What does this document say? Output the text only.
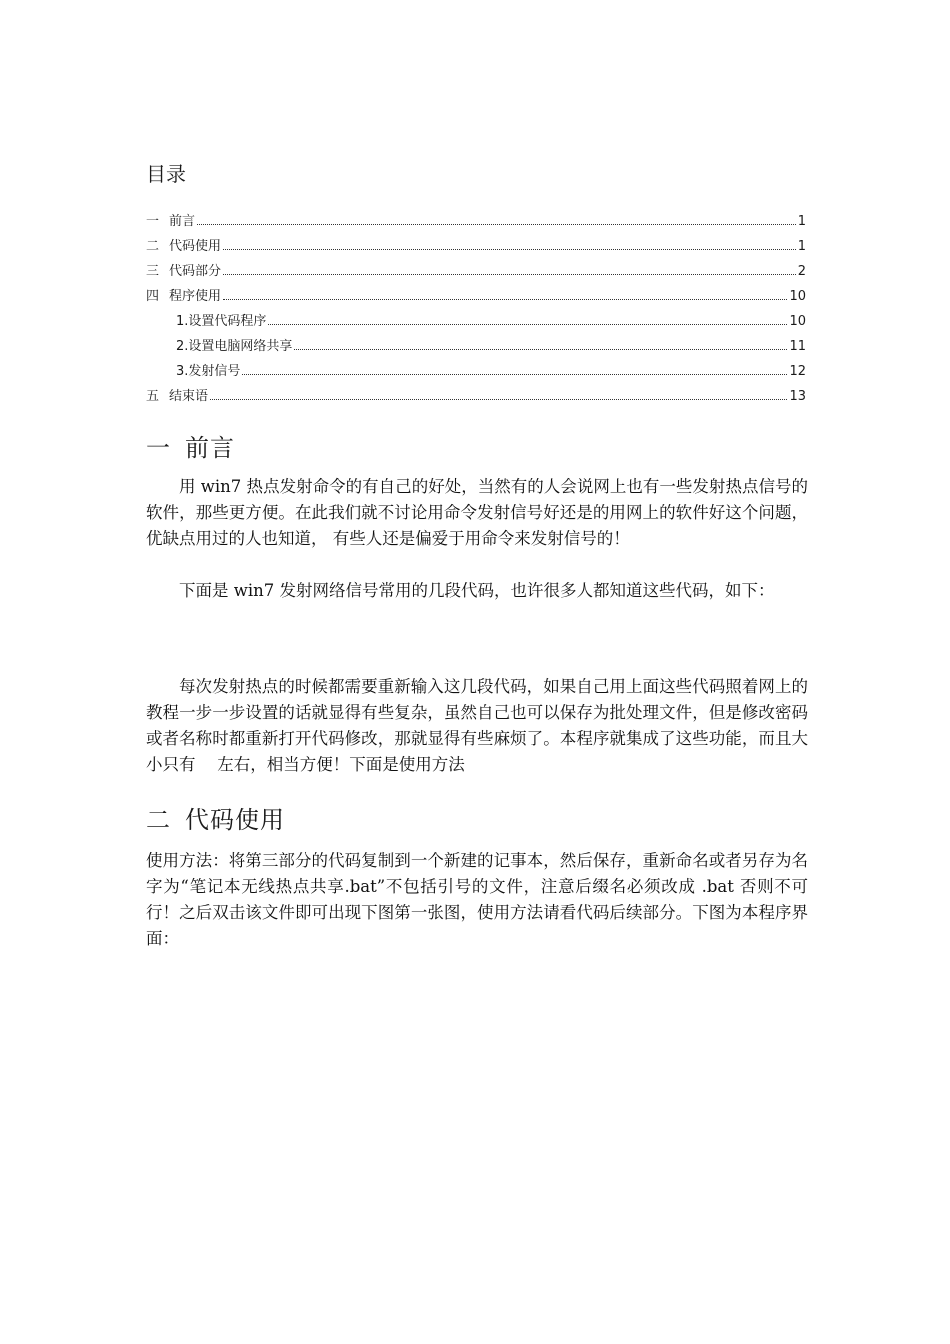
目录
一 前言	1
二 代码使用	1
三 代码部分	2
四 程序使用	10
1.设置代码程序	10
2.设置电脑网络共享	11
3.发射信号	12
五 结束语	13
一 前言
用 win7 热点发射命令的有自己的好处，当然有的人会说网上也有一些发射热点信号的软件，那些更方便。在此我们就不讨论用命令发射信号好还是的用网上的软件好这个问题，优缺点用过的人也知道， 有些人还是偏爱于用命令来发射信号的！
下面是 win7 发射网络信号常用的几段代码，也许很多人都知道这些代码，如下：
每次发射热点的时候都需要重新输入这几段代码，如果自己用上面这些代码照着网上的教程一步一步设置的话就显得有些复杂，虽然自己也可以保存为批处理文件，但是修改密码或者名称时都重新打开代码修改，那就显得有些麻烦了。本程序就集成了这些功能，而且大小只有　 左右，相当方便！下面是使用方法
二 代码使用
使用方法：将第三部分的代码复制到一个新建的记事本，然后保存，重新命名或者另存为名字为“笔记本无线热点共享.bat”不包括引号的文件，注意后缀名必须改成 .bat 否则不可行！之后双击该文件即可出现下图第一张图，使用方法请看代码后续部分。下图为本程序界面：
